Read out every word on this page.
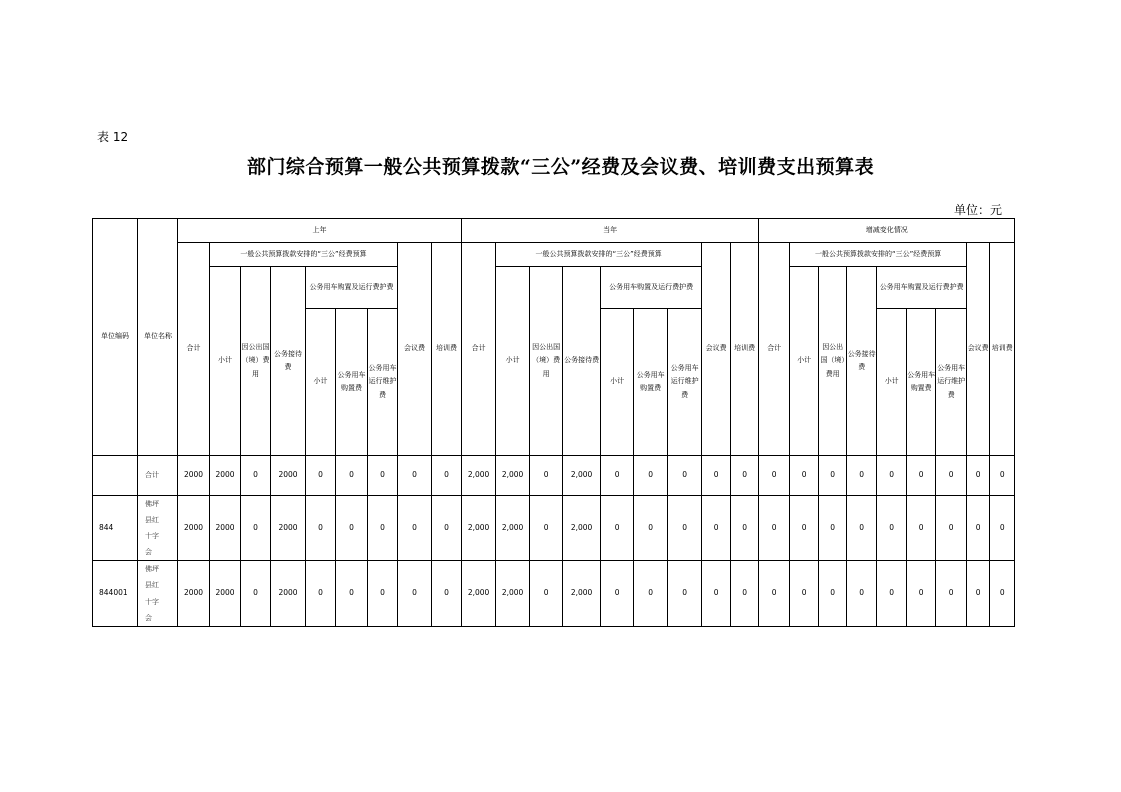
表 12
部门综合预算一般公共预算拨款“三公”经费及会议费、培训费支出预算表
单位：元
单位编码	单位名称	上年									当年									增减变化情况								
		合计	一般公共预算拨款安排的“三公”经费预算						会议费	培训费	合计	一般公共预算拨款安排的“三公”经费预算						会议费	培训费	合计	一般公共预算拨款安排的“三公”经费预算						会议费	培训费
			小计	因公出国（境）费用	公务接待费	公务用车购置及运行费护费						小计	因公出国（境）费用	公务接待费	公务用车购置及运行费护费						小计	因公出国（境）费用	公务接待费	公务用车购置及运行费护费				
						小计	公务用车购置费	公务用车运行维护费							小计	公务用车购置费	公务用车运行维护费							小计	公务用车购置费	公务用车运行维护费		

	合计	2000	2000	0	2000	0	0	0	0	0	2,000	2,000	0	2,000	0	0	0	0	0	0	0	0	0	0	0	0	0	0
844	佛坪县红十字会	2000	2000	0	2000	0	0	0	0	0	2,000	2,000	0	2,000	0	0	0	0	0	0	0	0	0	0	0	0	0	0
844001	佛坪县红十字会	2000	2000	0	2000	0	0	0	0	0	2,000	2,000	0	2,000	0	0	0	0	0	0	0	0	0	0	0	0	0	0
